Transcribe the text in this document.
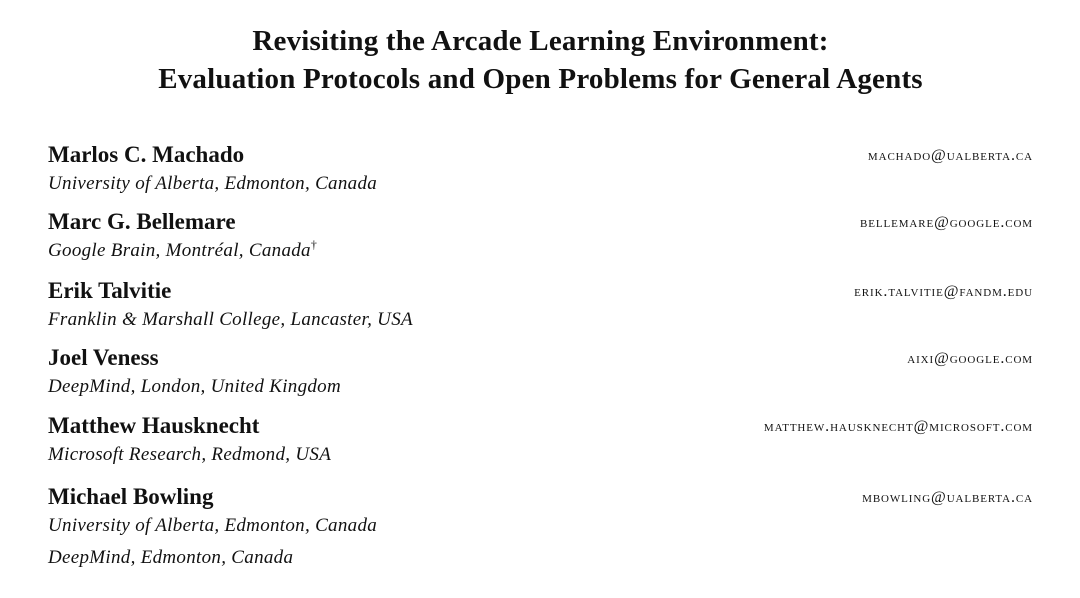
Revisiting the Arcade Learning Environment:
Evaluation Protocols and Open Problems for General Agents
Marlos C. Machado	machado@ualberta.ca
University of Alberta, Edmonton, Canada
Marc G. Bellemare	bellemare@google.com
Google Brain, Montréal, Canada†
Erik Talvitie	erik.talvitie@fandm.edu
Franklin & Marshall College, Lancaster, USA
Joel Veness	aixi@google.com
DeepMind, London, United Kingdom
Matthew Hausknecht	matthew.hausknecht@microsoft.com
Microsoft Research, Redmond, USA
Michael Bowling	mbowling@ualberta.ca
University of Alberta, Edmonton, Canada
DeepMind, Edmonton, Canada
